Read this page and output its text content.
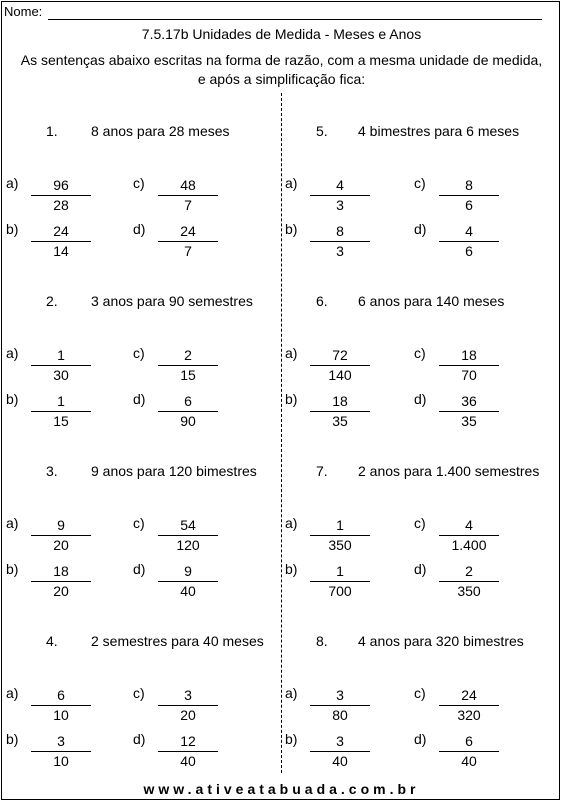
Nome:
7.5.17b Unidades de Medida - Meses e Anos
As sentenças abaixo escritas na forma de razão, com a mesma unidade de medida,
e após a simplificação fica:
1. 8 anos para 28 meses
a)	96
28
b)	24
14
c)	48
7
d)	24
7
5. 4 bimestres para 6 meses
a)	4
3
b)	8
3
c)	8
6
d)	4
6
2. 3 anos para 90 semestres
a)	1
30
b)	1
15
c)	2
15
d)	6
90
6. 6 anos para 140 meses
a)	72
140
b)	18
35
c)	18
70
d)	36
35
3. 9 anos para 120 bimestres
a)	9
20
b)	18
20
c)	54
120
d)	9
40
7. 2 anos para 1.400 semestres
a)	1
350
b)	1
700
c)	4
1.400
d)	2
350
4. 2 semestres para 40 meses
a)	6
10
b)	3
10
c)	3
20
d)	12
40
8. 4 anos para 320 bimestres
a)	3
80
b)	3
40
c)	24
320
d)	6
40
www.ativeatabuada.com.br
